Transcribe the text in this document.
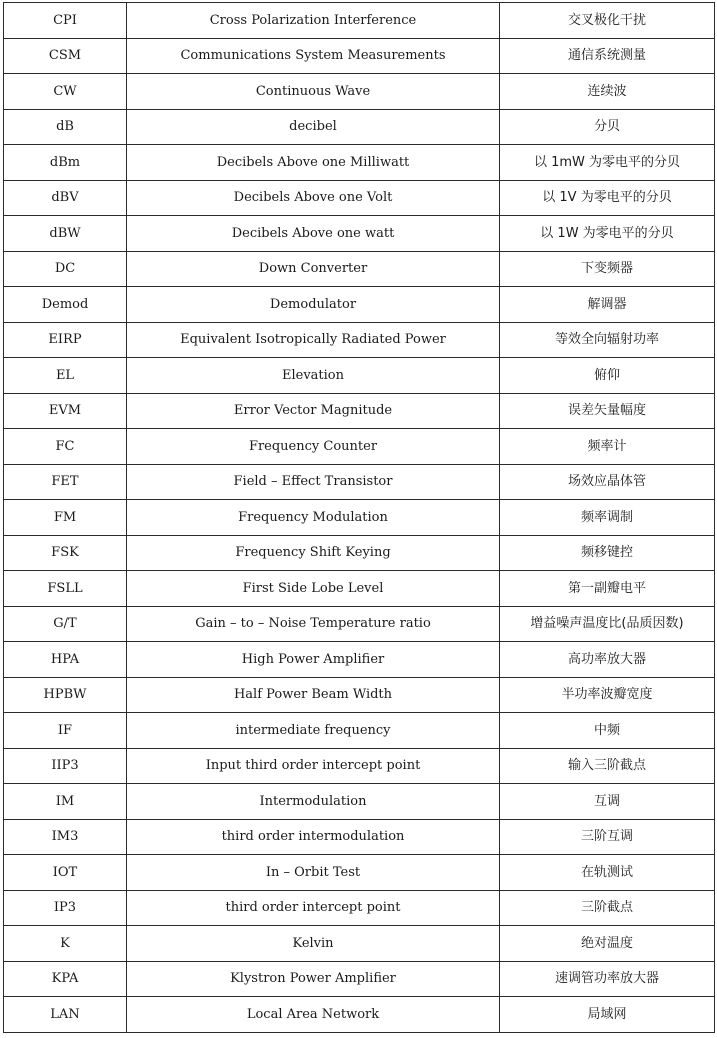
CPI	Cross Polarization Interference	交叉极化干扰
CSM	Communications System Measurements	通信系统测量
CW	Continuous Wave	连续波
dB	decibel	分贝
dBm	Decibels Above one Milliwatt	以 1mW 为零电平的分贝
dBV	Decibels Above one Volt	以 1V 为零电平的分贝
dBW	Decibels Above one watt	以 1W 为零电平的分贝
DC	Down Converter	下变频器
Demod	Demodulator	解调器
EIRP	Equivalent Isotropically Radiated Power	等效全向辐射功率
EL	Elevation	俯仰
EVM	Error Vector Magnitude	误差矢量幅度
FC	Frequency Counter	频率计
FET	Field – Effect Transistor	场效应晶体管
FM	Frequency Modulation	频率调制
FSK	Frequency Shift Keying	频移键控
FSLL	First Side Lobe Level	第一副瓣电平
G/T	Gain – to – Noise Temperature ratio	增益噪声温度比(品质因数)
HPA	High Power Amplifier	高功率放大器
HPBW	Half Power Beam Width	半功率波瓣宽度
IF	intermediate frequency	中频
IIP3	Input third order intercept point	输入三阶截点
IM	Intermodulation	互调
IM3	third order intermodulation	三阶互调
IOT	In – Orbit Test	在轨测试
IP3	third order intercept point	三阶截点
K	Kelvin	绝对温度
KPA	Klystron Power Amplifier	速调管功率放大器
LAN	Local Area Network	局域网
